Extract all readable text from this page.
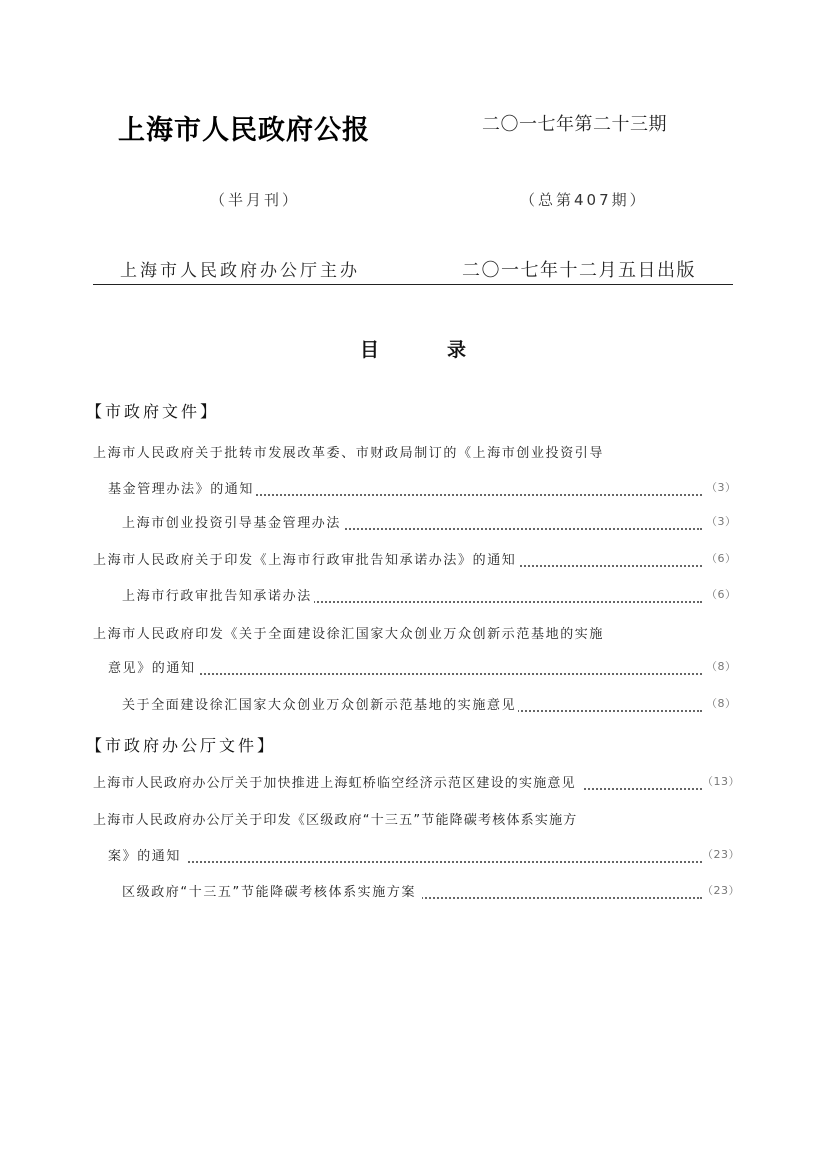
上海市人民政府公报	二〇一七年第二十三期
（半月刊）	（总第407期）
上海市人民政府办公厅主办	二〇一七年十二月五日出版
目	录
【市政府文件】
上海市人民政府关于批转市发展改革委、市财政局制订的《上海市创业投资引导
基金管理办法》的通知	（3）
上海市创业投资引导基金管理办法	（3）
上海市人民政府关于印发《上海市行政审批告知承诺办法》的通知	（6）
上海市行政审批告知承诺办法	（6）
上海市人民政府印发《关于全面建设徐汇国家大众创业万众创新示范基地的实施
意见》的通知	（8）
关于全面建设徐汇国家大众创业万众创新示范基地的实施意见	（8）
【市政府办公厅文件】
上海市人民政府办公厅关于加快推进上海虹桥临空经济示范区建设的实施意见	（13）
上海市人民政府办公厅关于印发《区级政府“十三五”节能降碳考核体系实施方
案》的通知	（23）
区级政府“十三五”节能降碳考核体系实施方案	（23）
